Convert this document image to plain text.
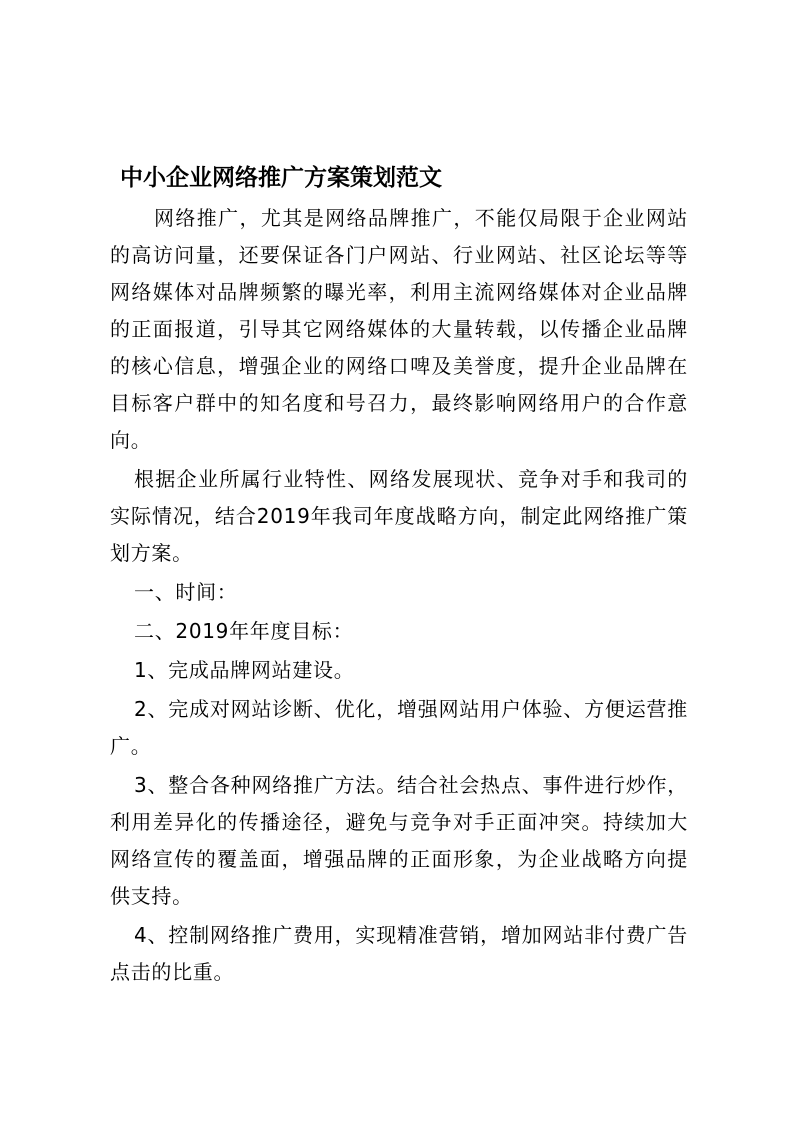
中小企业网络推广方案策划范文

网络推广，尤其是网络品牌推广，不能仅局限于企业网站的高访问量，还要保证各门户网站、行业网站、社区论坛等等网络媒体对品牌频繁的曝光率，利用主流网络媒体对企业品牌的正面报道，引导其它网络媒体的大量转载，以传播企业品牌的核心信息，增强企业的网络口啤及美誉度，提升企业品牌在目标客户群中的知名度和号召力，最终影响网络用户的合作意向。

根据企业所属行业特性、网络发展现状、竞争对手和我司的实际情况，结合2019年我司年度战略方向，制定此网络推广策划方案。

一、时间：

二、2019年年度目标：

1、完成品牌网站建设。

2、完成对网站诊断、优化，增强网站用户体验、方便运营推广。

3、整合各种网络推广方法。结合社会热点、事件进行炒作，利用差异化的传播途径，避免与竞争对手正面冲突。持续加大网络宣传的覆盖面，增强品牌的正面形象，为企业战略方向提供支持。

4、控制网络推广费用，实现精准营销，增加网站非付费广告点击的比重。
